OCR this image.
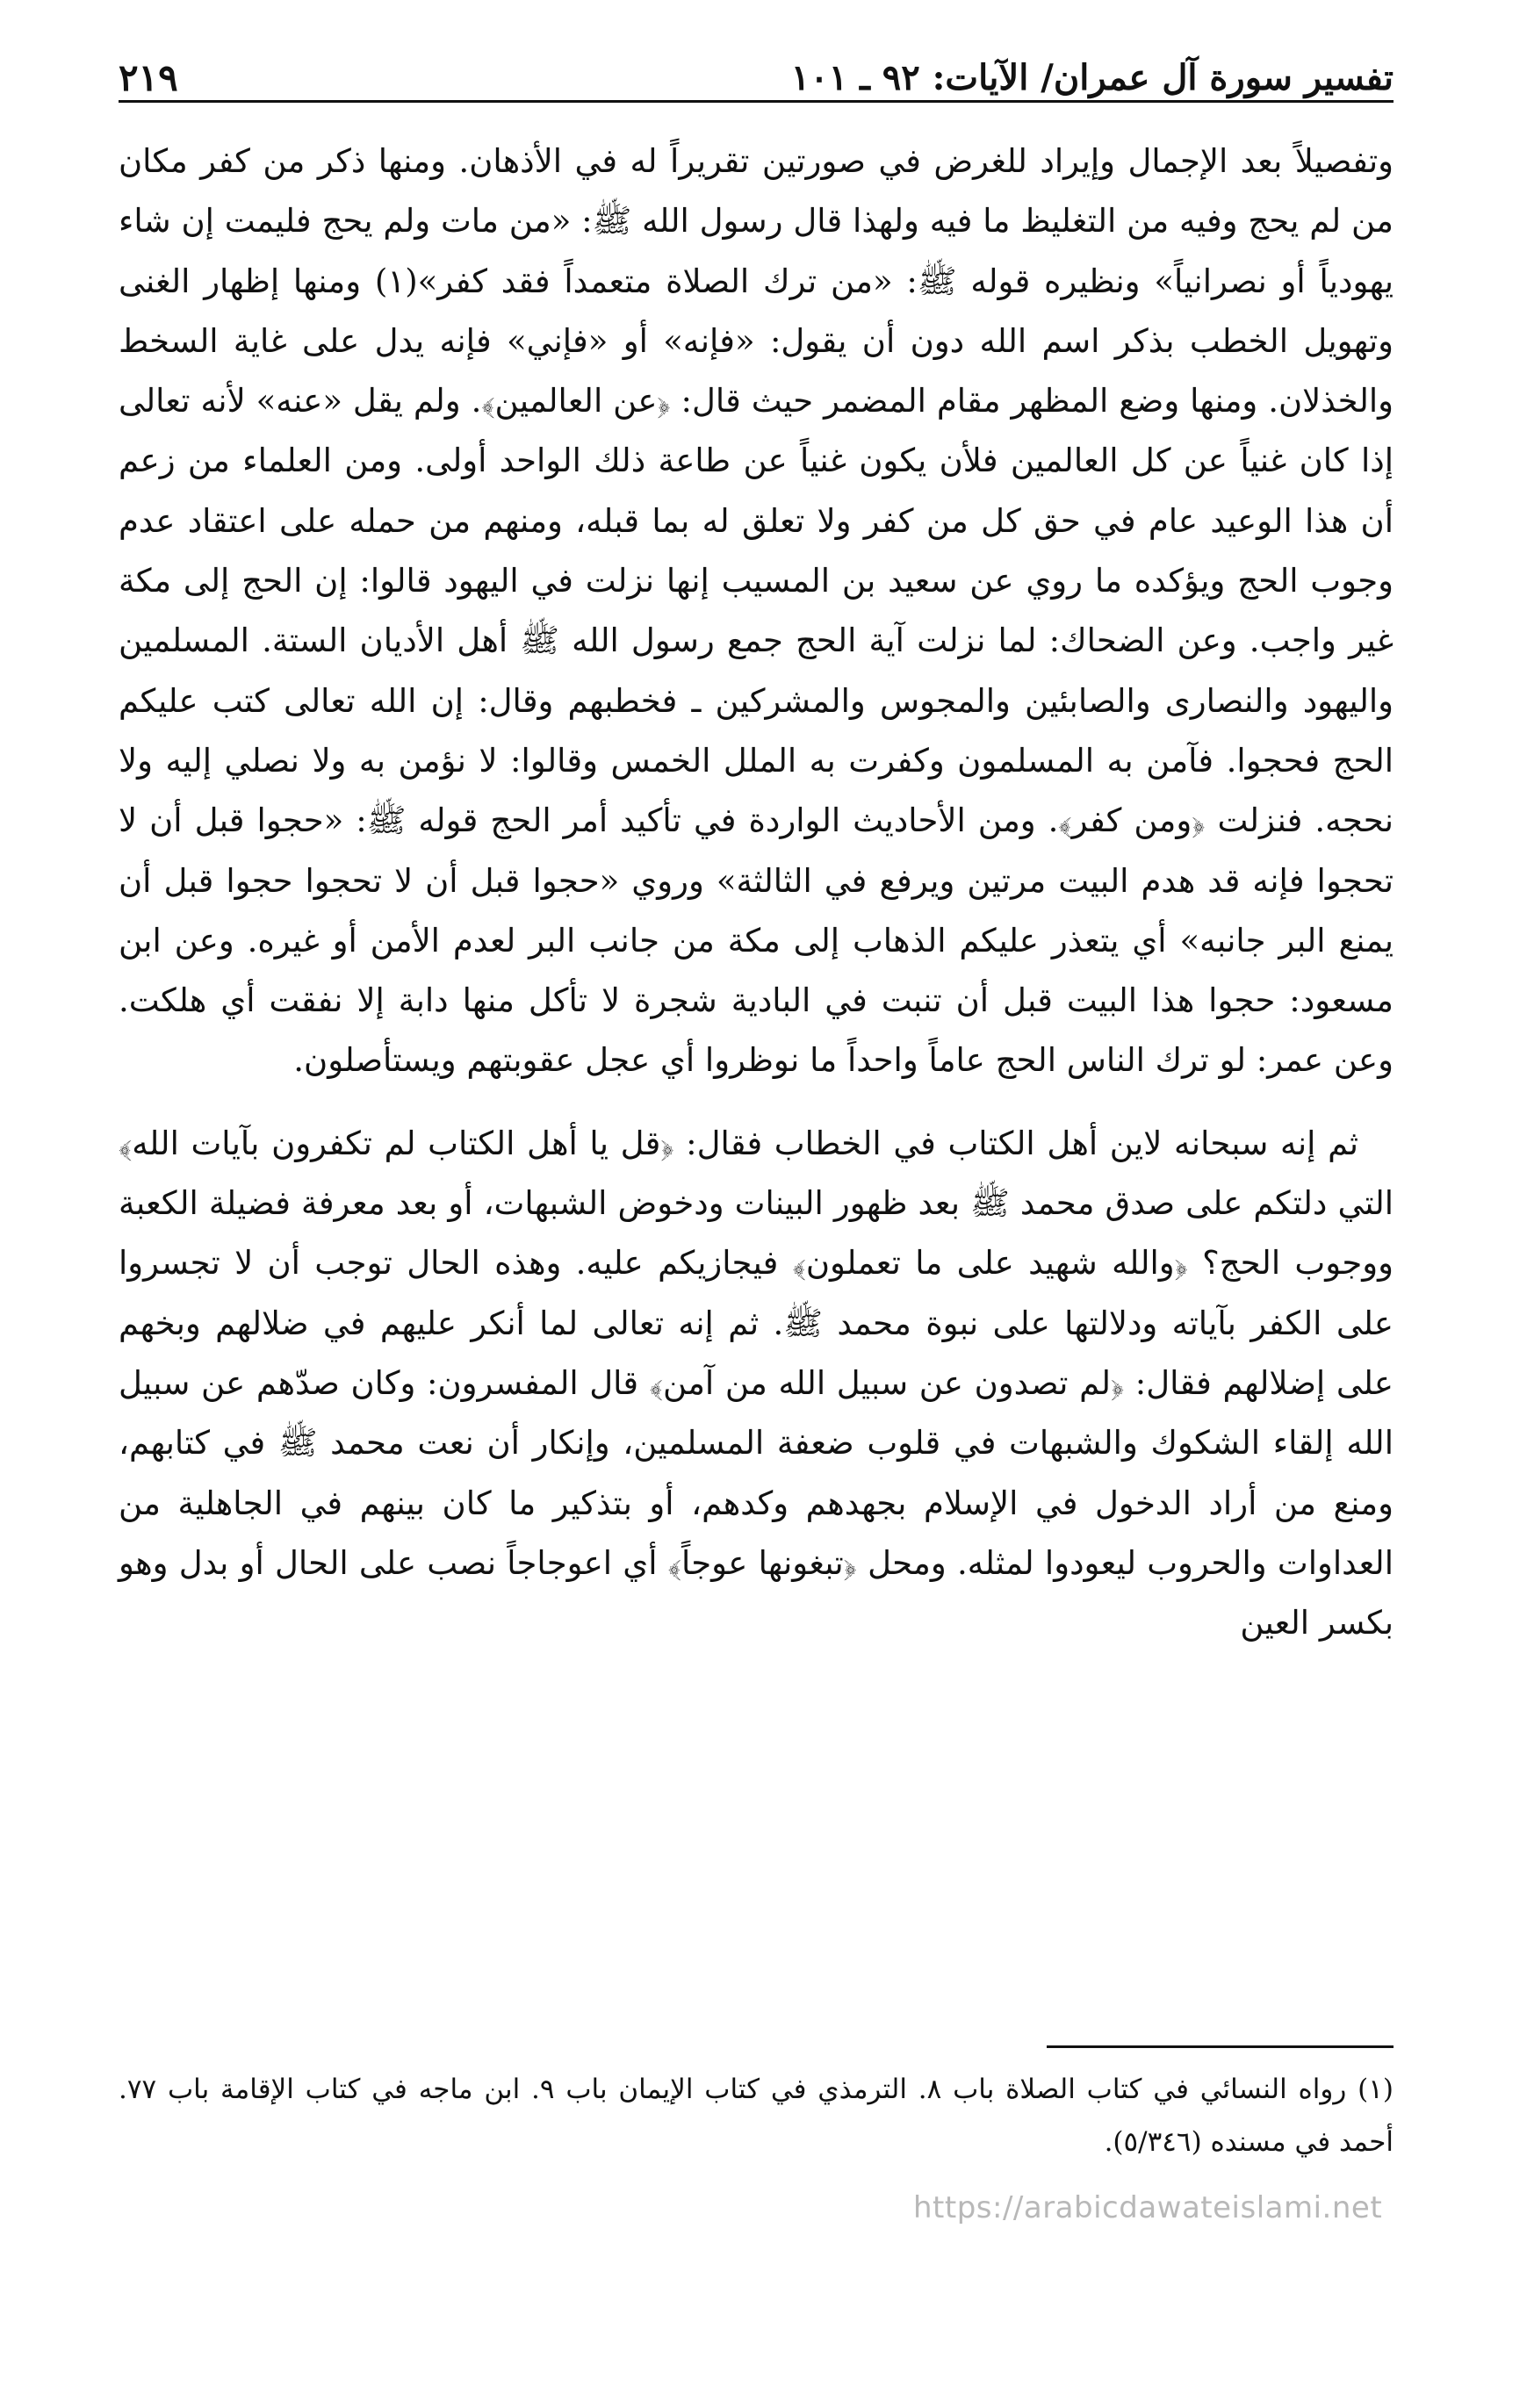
تفسير سورة آل عمران/ الآيات: ٩٢ ـ ١٠١
٢١٩

وتفصيلاً بعد الإجمال وإيراد للغرض في صورتين تقريراً له في الأذهان. ومنها ذكر من كفر مكان من لم يحج وفيه من التغليظ ما فيه ولهذا قال رسول الله ﷺ: «من مات ولم يحج فليمت إن شاء يهودياً أو نصرانياً» ونظيره قوله ﷺ: «من ترك الصلاة متعمداً فقد كفر»(١) ومنها إظهار الغنى وتهويل الخطب بذكر اسم الله دون أن يقول: «فإنه» أو «فإني» فإنه يدل على غاية السخط والخذلان. ومنها وضع المظهر مقام المضمر حيث قال: ﴿عن العالمين﴾. ولم يقل «عنه» لأنه تعالى إذا كان غنياً عن كل العالمين فلأن يكون غنياً عن طاعة ذلك الواحد أولى. ومن العلماء من زعم أن هذا الوعيد عام في حق كل من كفر ولا تعلق له بما قبله، ومنهم من حمله على اعتقاد عدم وجوب الحج ويؤكده ما روي عن سعيد بن المسيب إنها نزلت في اليهود قالوا: إن الحج إلى مكة غير واجب. وعن الضحاك: لما نزلت آية الحج جمع رسول الله ﷺ أهل الأديان الستة. المسلمين واليهود والنصارى والصابئين والمجوس والمشركين ـ فخطبهم وقال: إن الله تعالى كتب عليكم الحج فحجوا. فآمن به المسلمون وكفرت به الملل الخمس وقالوا: لا نؤمن به ولا نصلي إليه ولا نحجه. فنزلت ﴿ومن كفر﴾. ومن الأحاديث الواردة في تأكيد أمر الحج قوله ﷺ: «حجوا قبل أن لا تحجوا فإنه قد هدم البيت مرتين ويرفع في الثالثة» وروي «حجوا قبل أن لا تحجوا حجوا قبل أن يمنع البر جانبه» أي يتعذر عليكم الذهاب إلى مكة من جانب البر لعدم الأمن أو غيره. وعن ابن مسعود: حجوا هذا البيت قبل أن تنبت في البادية شجرة لا تأكل منها دابة إلا نفقت أي هلكت. وعن عمر: لو ترك الناس الحج عاماً واحداً ما نوظروا أي عجل عقوبتهم ويستأصلون.

ثم إنه سبحانه لاين أهل الكتاب في الخطاب فقال: ﴿قل يا أهل الكتاب لم تكفرون بآيات الله﴾ التي دلتكم على صدق محمد ﷺ بعد ظهور البينات ودخوض الشبهات، أو بعد معرفة فضيلة الكعبة ووجوب الحج؟ ﴿والله شهيد على ما تعملون﴾ فيجازيكم عليه. وهذه الحال توجب أن لا تجسروا على الكفر بآياته ودلالتها على نبوة محمد ﷺ. ثم إنه تعالى لما أنكر عليهم في ضلالهم وبخهم على إضلالهم فقال: ﴿لم تصدون عن سبيل الله من آمن﴾ قال المفسرون: وكان صدّهم عن سبيل الله إلقاء الشكوك والشبهات في قلوب ضعفة المسلمين، وإنكار أن نعت محمد ﷺ في كتابهم، ومنع من أراد الدخول في الإسلام بجهدهم وكدهم، أو بتذكير ما كان بينهم في الجاهلية من العداوات والحروب ليعودوا لمثله. ومحل ﴿تبغونها عوجاً﴾ أي اعوجاجاً نصب على الحال أو بدل وهو بكسر العين

(١) رواه النسائي في كتاب الصلاة باب ٨. الترمذي في كتاب الإيمان باب ٩. ابن ماجه في كتاب الإقامة باب ٧٧. أحمد في مسنده (٥/٣٤٦).

https://arabicdawateislami.net
